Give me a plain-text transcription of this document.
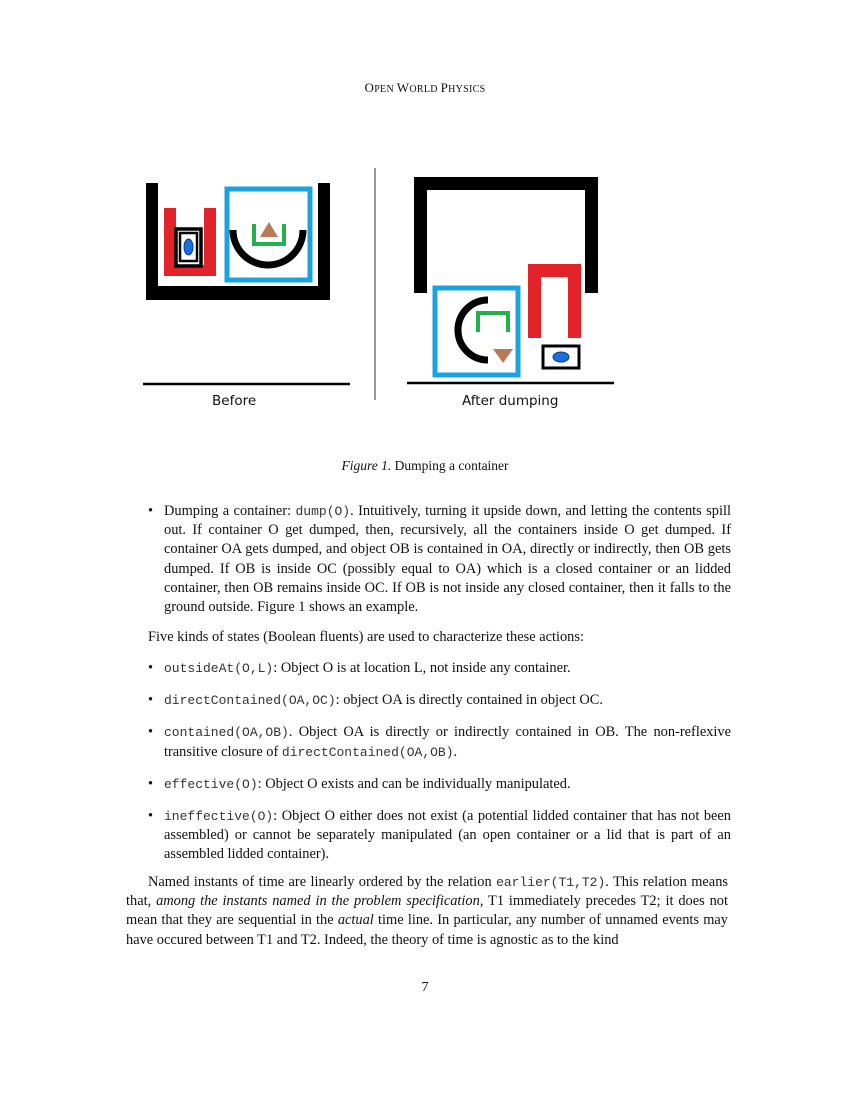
OPEN WORLD PHYSICS
Before	After dumping
Figure 1. Dumping a container
• Dumping a container: dump(O). Intuitively, turning it upside down, and letting the contents spill out. If container O get dumped, then, recursively, all the containers inside O get dumped. If container OA gets dumped, and object OB is contained in OA, directly or indirectly, then OB gets dumped. If OB is inside OC (possibly equal to OA) which is a closed container or an lidded container, then OB remains inside OC. If OB is not inside any closed container, then it falls to the ground outside. Figure 1 shows an example.
Five kinds of states (Boolean fluents) are used to characterize these actions:
• outsideAt(O,L): Object O is at location L, not inside any container.
• directContained(OA,OC): object OA is directly contained in object OC.
• contained(OA,OB). Object OA is directly or indirectly contained in OB. The non-reflexive transitive closure of directContained(OA,OB).
• effective(O): Object O exists and can be individually manipulated.
• ineffective(O): Object O either does not exist (a potential lidded container that has not been assembled) or cannot be separately manipulated (an open container or a lid that is part of an assembled lidded container).
Named instants of time are linearly ordered by the relation earlier(T1,T2). This relation means that, among the instants named in the problem specification, T1 immediately precedes T2; it does not mean that they are sequential in the actual time line. In particular, any number of unnamed events may have occured between T1 and T2. Indeed, the theory of time is agnostic as to the kind
7
